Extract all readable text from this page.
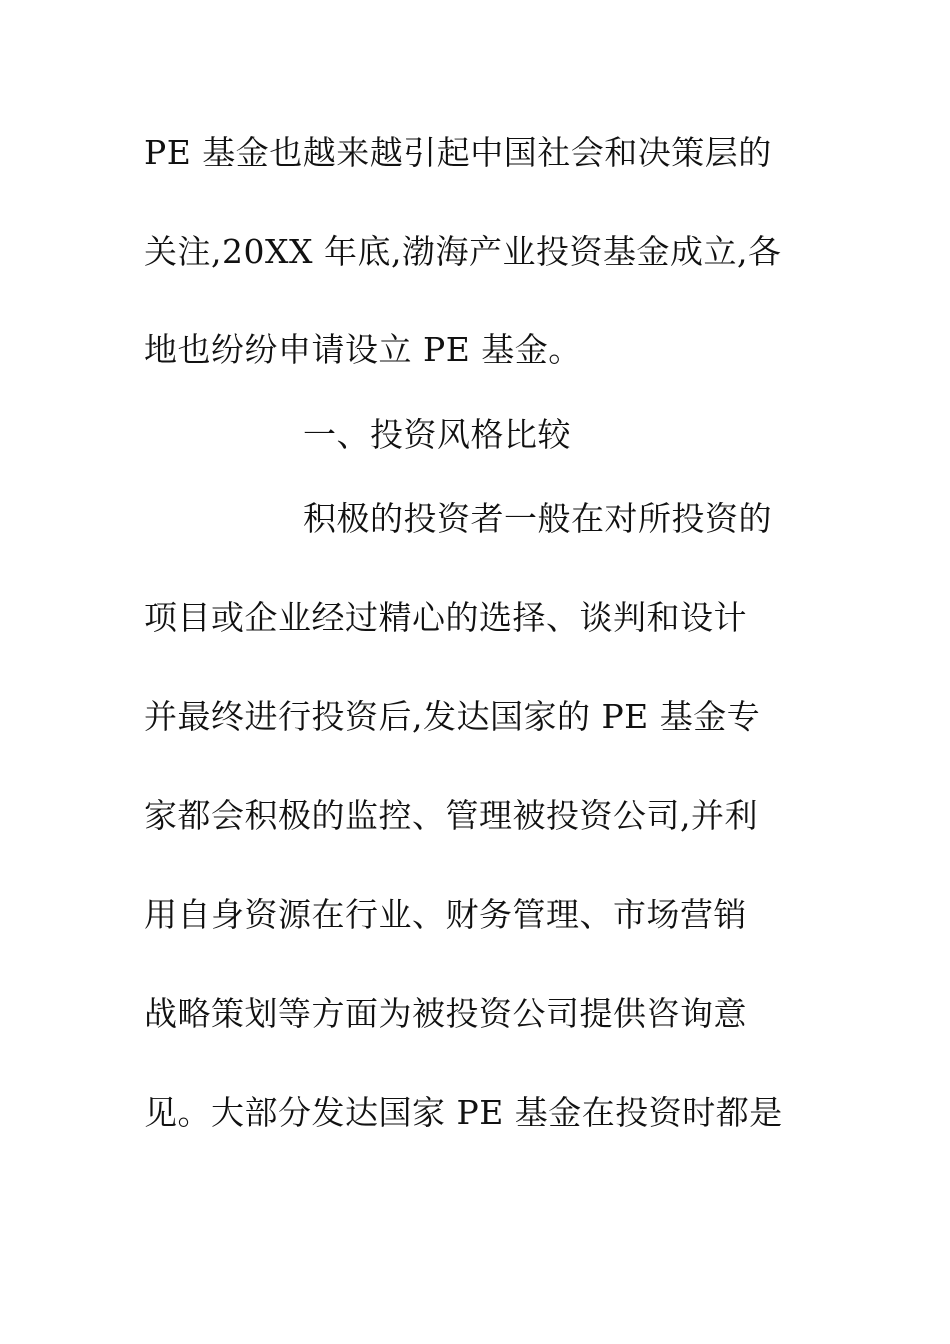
PE 基金也越来越引起中国社会和决策层的
关注,20XX 年底,渤海产业投资基金成立,各
地也纷纷申请设立 PE 基金。
一、投资风格比较
积极的投资者一般在对所投资的
项目或企业经过精心的选择、谈判和设计
并最终进行投资后,发达国家的 PE 基金专
家都会积极的监控、管理被投资公司,并利
用自身资源在行业、财务管理、市场营销
战略策划等方面为被投资公司提供咨询意
见。大部分发达国家 PE 基金在投资时都是
